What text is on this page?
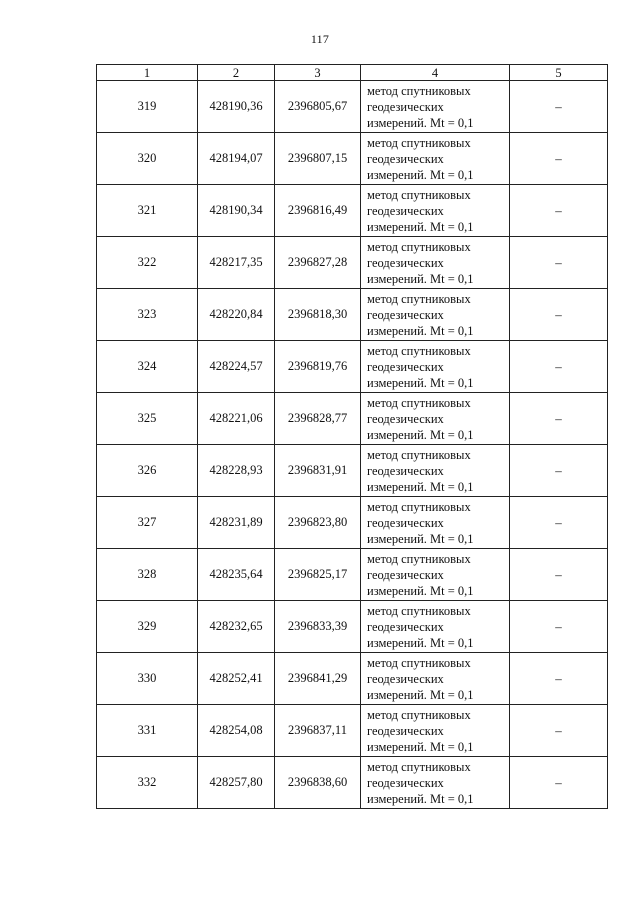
117
1	2	3	4	5
319	428190,36	2396805,67	метод спутниковых
геодезических
измерений. Mt = 0,1	–
320	428194,07	2396807,15	метод спутниковых
геодезических
измерений. Mt = 0,1	–
321	428190,34	2396816,49	метод спутниковых
геодезических
измерений. Mt = 0,1	–
322	428217,35	2396827,28	метод спутниковых
геодезических
измерений. Mt = 0,1	–
323	428220,84	2396818,30	метод спутниковых
геодезических
измерений. Mt = 0,1	–
324	428224,57	2396819,76	метод спутниковых
геодезических
измерений. Mt = 0,1	–
325	428221,06	2396828,77	метод спутниковых
геодезических
измерений. Mt = 0,1	–
326	428228,93	2396831,91	метод спутниковых
геодезических
измерений. Mt = 0,1	–
327	428231,89	2396823,80	метод спутниковых
геодезических
измерений. Mt = 0,1	–
328	428235,64	2396825,17	метод спутниковых
геодезических
измерений. Mt = 0,1	–
329	428232,65	2396833,39	метод спутниковых
геодезических
измерений. Mt = 0,1	–
330	428252,41	2396841,29	метод спутниковых
геодезических
измерений. Mt = 0,1	–
331	428254,08	2396837,11	метод спутниковых
геодезических
измерений. Mt = 0,1	–
332	428257,80	2396838,60	метод спутниковых
геодезических
измерений. Mt = 0,1	–
